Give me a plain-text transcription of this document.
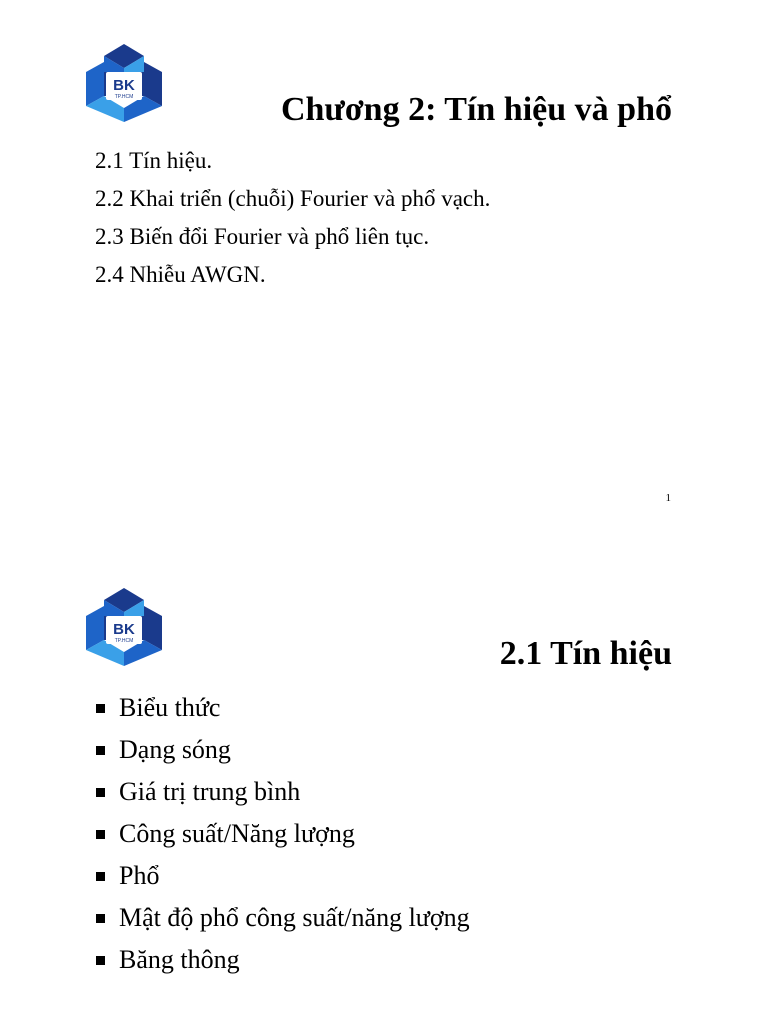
BK
TP.HCM	Chương 2: Tín hiệu và phổ
2.1 Tín hiệu.
2.2 Khai triển (chuỗi) Fourier và phổ vạch.
2.3 Biến đổi Fourier và phổ liên tục.
2.4 Nhiễu AWGN.
1
BK
TP.HCM	2.1 Tín hiệu
Biểu thức
Dạng sóng
Giá trị trung bình
Công suất/Năng lượng
Phổ
Mật độ phổ công suất/năng lượng
Băng thông
